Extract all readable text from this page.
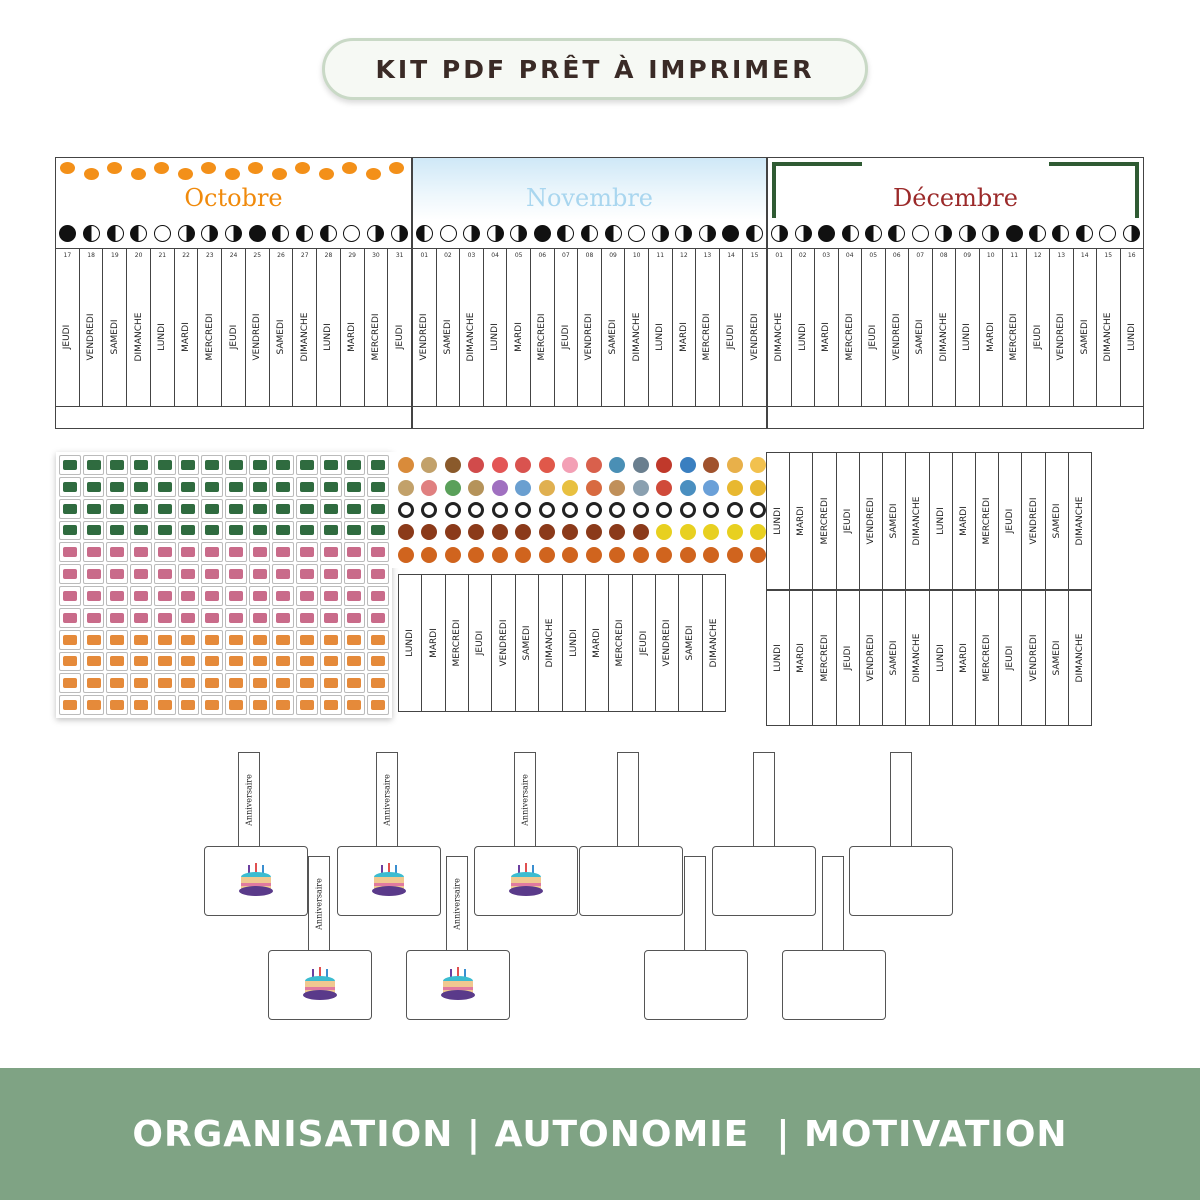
KIT PDF PRÊT À IMPRIMER
Octobre
17
JEUDI
18
VENDREDI
19
SAMEDI
20
DIMANCHE
21
LUNDI
22
MARDI
23
MERCREDI
24
JEUDI
25
VENDREDI
26
SAMEDI
27
DIMANCHE
28
LUNDI
29
MARDI
30
MERCREDI
31
JEUDI
Novembre
01
VENDREDI
02
SAMEDI
03
DIMANCHE
04
LUNDI
05
MARDI
06
MERCREDI
07
JEUDI
08
VENDREDI
09
SAMEDI
10
DIMANCHE
11
LUNDI
12
MARDI
13
MERCREDI
14
JEUDI
15
VENDREDI
Décembre
01
DIMANCHE
02
LUNDI
03
MARDI
04
MERCREDI
05
JEUDI
06
VENDREDI
07
SAMEDI
08
DIMANCHE
09
LUNDI
10
MARDI
11
MERCREDI
12
JEUDI
13
VENDREDI
14
SAMEDI
15
DIMANCHE
16
LUNDI
LUNDI MARDI MERCREDI JEUDI VENDREDI SAMEDI DIMANCHE LUNDI MARDI MERCREDI JEUDI VENDREDI SAMEDI DIMANCHE
LUNDI MARDI MERCREDI JEUDI VENDREDI SAMEDI DIMANCHE LUNDI MARDI MERCREDI JEUDI VENDREDI SAMEDI DIMANCHE
LUNDI MARDI MERCREDI JEUDI VENDREDI SAMEDI DIMANCHE LUNDI MARDI MERCREDI JEUDI VENDREDI SAMEDI DIMANCHE
Anniversaire	Anniversaire	Anniversaire
Anniversaire	Anniversaire
ORGANISATION | AUTONOMIE  | MOTIVATION
